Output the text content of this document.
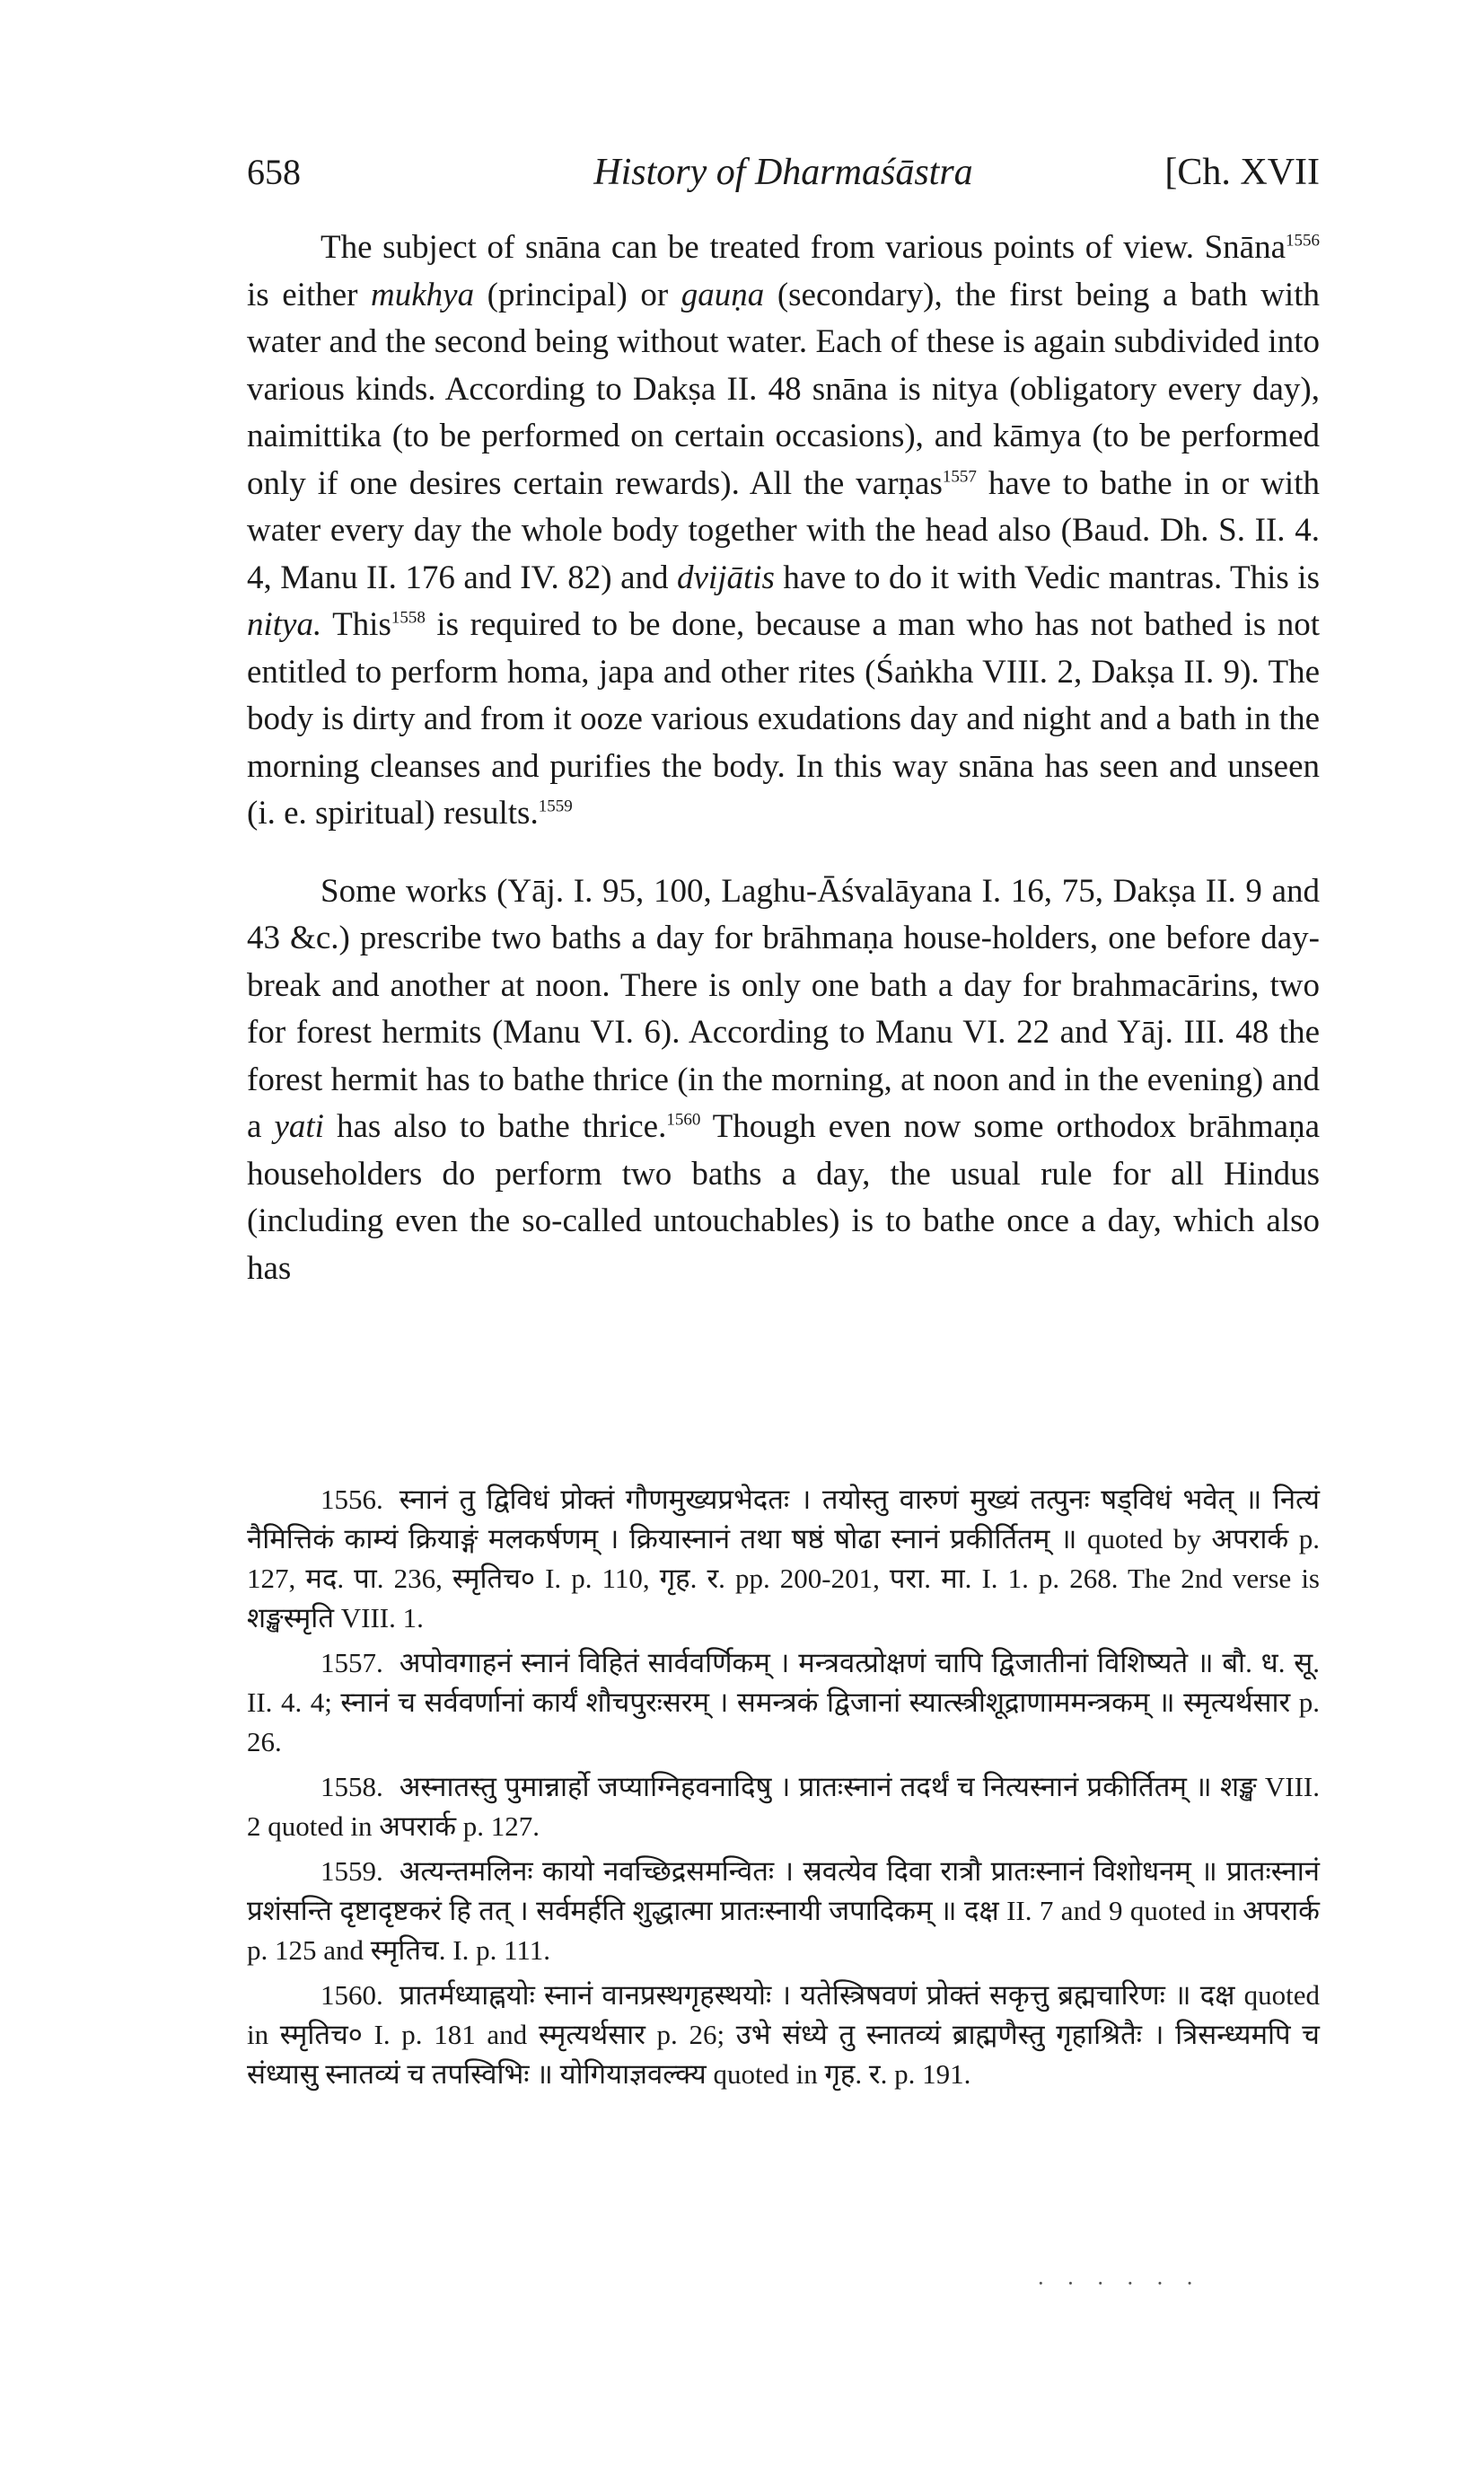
658	History of Dharmaśāstra	[Ch. XVII

The subject of snāna can be treated from various points of view. Snāna$^{1556}$ is either mukhya (principal) or gauṇa (secondary), the first being a bath with water and the second being without water. Each of these is again subdivided into various kinds. According to Dakṣa II. 48 snāna is nitya (obligatory every day), naimittika (to be performed on certain occasions), and kāmya (to be performed only if one desires certain rewards). All the varṇas$^{1557}$ have to bathe in or with water every day the whole body together with the head also (Baud. Dh. S. II. 4. 4, Manu II. 176 and IV. 82) and dvijātis have to do it with Vedic mantras. This is nitya. This$^{1558}$ is required to be done, because a man who has not bathed is not entitled to perform homa, japa and other rites (Śaṅkha VIII. 2, Dakṣa II. 9). The body is dirty and from it ooze various exudations day and night and a bath in the morning cleanses and purifies the body. In this way snāna has seen and unseen (i. e. spiritual) results.$^{1559}$

Some works (Yāj. I. 95, 100, Laghu-Āśvalāyana I. 16, 75, Dakṣa II. 9 and 43 &c.) prescribe two baths a day for brāhmaṇa house-holders, one before day-break and another at noon. There is only one bath a day for brahmacārins, two for forest hermits (Manu VI. 6). According to Manu VI. 22 and Yāj. III. 48 the forest hermit has to bathe thrice (in the morning, at noon and in the evening) and a yati has also to bathe thrice.$^{1560}$ Though even now some orthodox brāhmaṇa householders do perform two baths a day, the usual rule for all Hindus (including even the so-called untouchables) is to bathe once a day, which also has

1556. स्नानं तु द्विविधं प्रोक्तं गौणमुख्यप्रभेदतः । तयोस्तु वारुणं मुख्यं तत्पुनः षड्विधं भवेत् ॥ नित्यं नैमित्तिकं काम्यं क्रियाङ्गं मलकर्षणम् । क्रियास्नानं तथा षष्ठं षोढा स्नानं प्रकीर्तितम् ॥ quoted by अपरार्क p. 127, मद. पा. 236, स्मृतिच० I. p. 110, गृह. र. pp. 200-201, परा. मा. I. 1. p. 268. The 2nd verse is शङ्खस्मृति VIII. 1.

1557. अपोवगाहनं स्नानं विहितं सार्ववर्णिकम् । मन्त्रवत्प्रोक्षणं चापि द्विजातीनां विशिष्यते ॥ बौ. ध. सू. II. 4. 4; स्नानं च सर्ववर्णानां कार्यं शौचपुरःसरम् । समन्त्रकं द्विजानां स्यात्स्त्रीशूद्राणाममन्त्रकम् ॥ स्मृत्यर्थसार p. 26.

1558. अस्नातस्तु पुमान्नार्हो जप्याग्निहवनादिषु । प्रातःस्नानं तदर्थं च नित्यस्नानं प्रकीर्तितम् ॥ शङ्ख VIII. 2 quoted in अपरार्क p. 127.

1559. अत्यन्तमलिनः कायो नवच्छिद्रसमन्वितः । स्रवत्येव दिवा रात्रौ प्रातःस्नानं विशोधनम् ॥ प्रातःस्नानं प्रशंसन्ति दृष्टादृष्टकरं हि तत् । सर्वमर्हति शुद्धात्मा प्रातःस्नायी जपादिकम् ॥ दक्ष II. 7 and 9 quoted in अपरार्क p. 125 and स्मृतिच. I. p. 111.

1560. प्रातर्मध्याह्नयोः स्नानं वानप्रस्थगृहस्थयोः । यतेस्त्रिषवणं प्रोक्तं सकृत्तु ब्रह्मचारिणः ॥ दक्ष quoted in स्मृतिच० I. p. 181 and स्मृत्यर्थसार p. 26; उभे संध्ये तु स्नातव्यं ब्राह्मणैस्तु गृहाश्रितैः । त्रिसन्ध्यमपि च संध्यासु स्नातव्यं च तपस्विभिः ॥ योगियाज्ञवल्क्य quoted in गृह. र. p. 191.

· · · · · ·
